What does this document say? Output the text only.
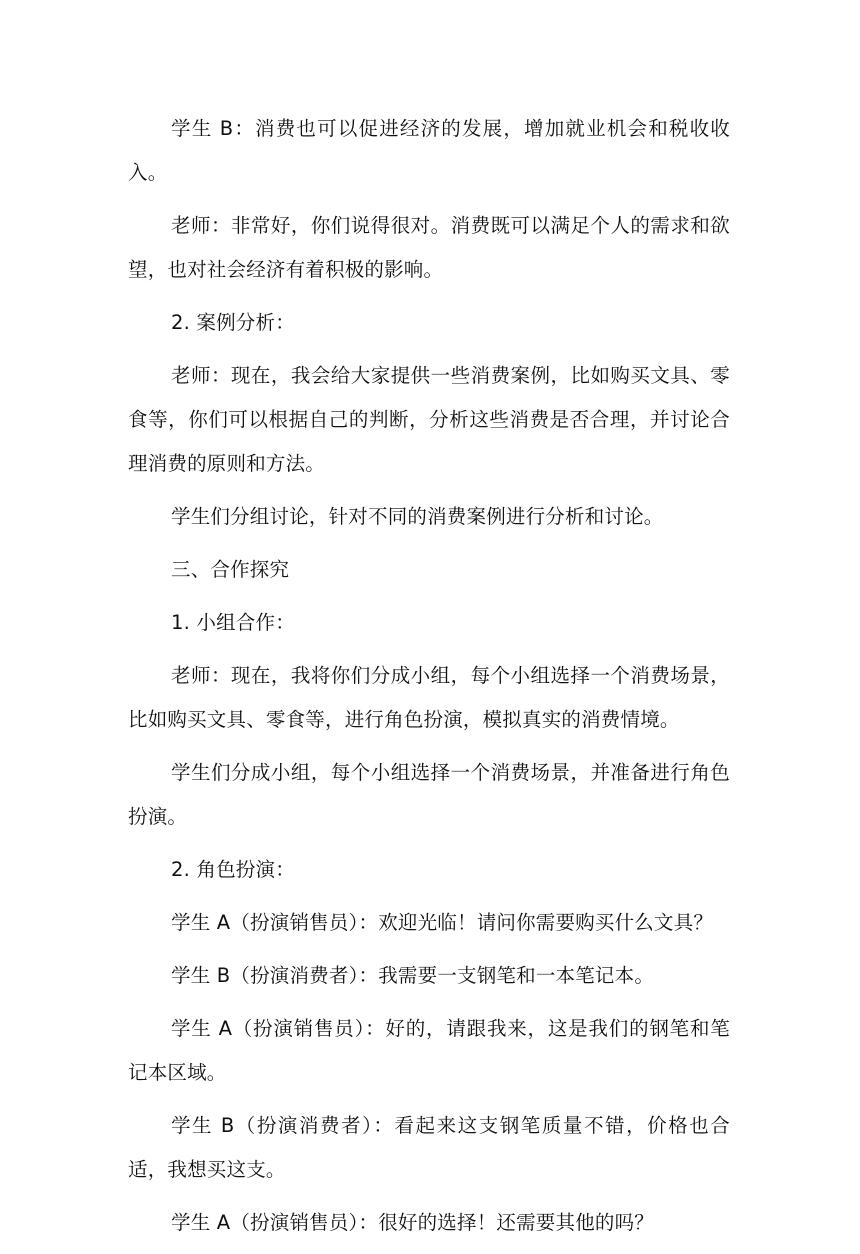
学生 B：消费也可以促进经济的发展，增加就业机会和税收收入。

老师：非常好，你们说得很对。消费既可以满足个人的需求和欲望，也对社会经济有着积极的影响。

2. 案例分析：

老师：现在，我会给大家提供一些消费案例，比如购买文具、零食等，你们可以根据自己的判断，分析这些消费是否合理，并讨论合理消费的原则和方法。

学生们分组讨论，针对不同的消费案例进行分析和讨论。

三、合作探究

1. 小组合作：

老师：现在，我将你们分成小组，每个小组选择一个消费场景，比如购买文具、零食等，进行角色扮演，模拟真实的消费情境。

学生们分成小组，每个小组选择一个消费场景，并准备进行角色扮演。

2. 角色扮演：

学生 A（扮演销售员）：欢迎光临！请问你需要购买什么文具？

学生 B（扮演消费者）：我需要一支钢笔和一本笔记本。

学生 A（扮演销售员）：好的，请跟我来，这是我们的钢笔和笔记本区域。

学生 B（扮演消费者）：看起来这支钢笔质量不错，价格也合适，我想买这支。

学生 A（扮演销售员）：很好的选择！还需要其他的吗？
